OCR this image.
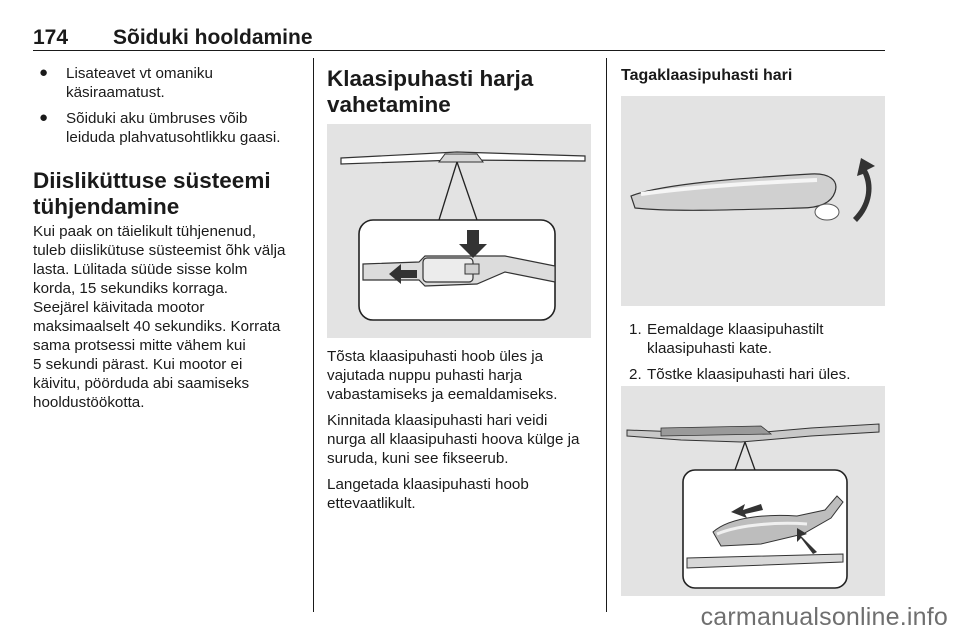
174 Sõiduki hooldamine
● Lisateavet vt omaniku
käsiraamatust.
● Sõiduki aku ümbruses võib
leiduda plahvatusohtlikku gaasi.
Diisliküttuse süsteemi
tühjendamine
Kui paak on täielikult tühjenenud,
tuleb diislikütuse süsteemist õhk välja
lasta. Lülitada süüde sisse kolm
korda, 15 sekundiks korraga.
Seejärel käivitada mootor
maksimaalselt 40 sekundiks. Korrata
sama protsessi mitte vähem kui
5 sekundi pärast. Kui mootor ei
käivitu, pöörduda abi saamiseks
hooldustöökotta.
Klaasipuhasti harja
vahetamine
Tõsta klaasipuhasti hoob üles ja
vajutada nuppu puhasti harja
vabastamiseks ja eemaldamiseks.
Kinnitada klaasipuhasti hari veidi
nurga all klaasipuhasti hoova külge ja
suruda, kuni see fikseerub.
Langetada klaasipuhasti hoob
ettevaatlikult.
Tagaklaasipuhasti hari
1. Eemaldage klaasipuhastilt
klaasipuhasti kate.
2. Tõstke klaasipuhasti hari üles.
carmanualsonline.info
